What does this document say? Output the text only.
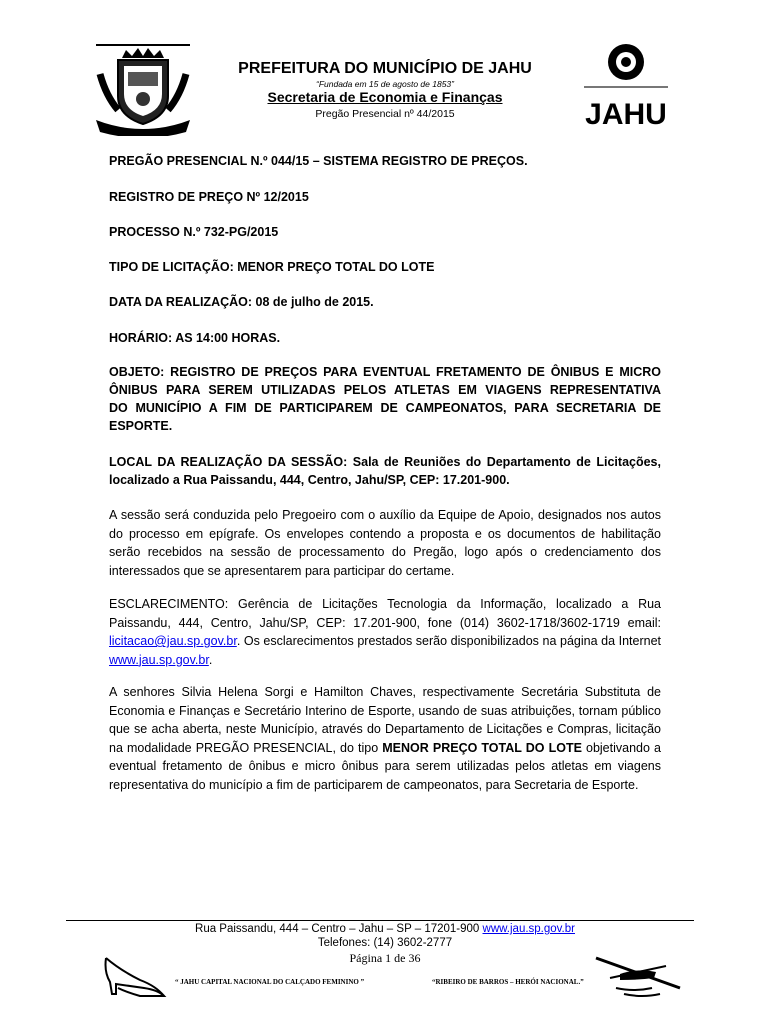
JAHU
PREFEITURA DO MUNICÍPIO DE JAHU
“Fundada em 15 de agosto de 1853”
Secretaria de Economia e Finanças
Pregão Presencial nº 44/2015
PREGÃO PRESENCIAL N.º 044/15 – SISTEMA REGISTRO DE PREÇOS.
REGISTRO DE PREÇO Nº 12/2015
PROCESSO N.º 732-PG/2015
TIPO DE LICITAÇÃO: MENOR PREÇO TOTAL DO LOTE
DATA DA REALIZAÇÃO: 08 de julho de 2015.
HORÁRIO: AS 14:00 HORAS.
OBJETO: REGISTRO DE PREÇOS PARA EVENTUAL FRETAMENTO DE ÔNIBUS E MICRO
ÔNIBUS PARA SEREM UTILIZADAS PELOS ATLETAS EM VIAGENS REPRESENTATIVA
DO MUNICÍPIO A FIM DE PARTICIPAREM DE CAMPEONATOS, PARA SECRETARIA DE
ESPORTE.
LOCAL DA REALIZAÇÃO DA SESSÃO: Sala de Reuniões do Departamento de Licitações,
localizado a Rua Paissandu, 444, Centro, Jahu/SP, CEP: 17.201-900.
A sessão será conduzida pelo Pregoeiro com o auxílio da Equipe de Apoio, designados nos autos do processo em epígrafe. Os envelopes contendo a proposta e os documentos de habilitação serão recebidos na sessão de processamento do Pregão, logo após o credenciamento dos interessados que se apresentarem para participar do certame.
ESCLARECIMENTO: Gerência de Licitações Tecnologia da Informação, localizado a Rua Paissandu, 444, Centro, Jahu/SP, CEP: 17.201-900, fone (014) 3602-1718/3602-1719 email: licitacao@jau.sp.gov.br. Os esclarecimentos prestados serão disponibilizados na página da Internet www.jau.sp.gov.br.
A senhores Silvia Helena Sorgi e Hamilton Chaves, respectivamente Secretária Substituta de Economia e Finanças e Secretário Interino de Esporte, usando de suas atribuições, tornam público que se acha aberta, neste Município, através do Departamento de Licitações e Compras, licitação na modalidade PREGÃO PRESENCIAL, do tipo MENOR PREÇO TOTAL DO LOTE objetivando a eventual fretamento de ônibus e micro ônibus para serem utilizadas pelos atletas em viagens representativa do município a fim de participarem de campeonatos, para Secretaria de Esporte.
Rua Paissandu, 444 – Centro – Jahu – SP – 17201-900 www.jau.sp.gov.br
Telefones: (14) 3602-2777
Página 1 de 36
“ JAHU CAPITAL NACIONAL DO CALÇADO FEMININO ”	“RIBEIRO DE BARROS – HERÓI NACIONAL.”
